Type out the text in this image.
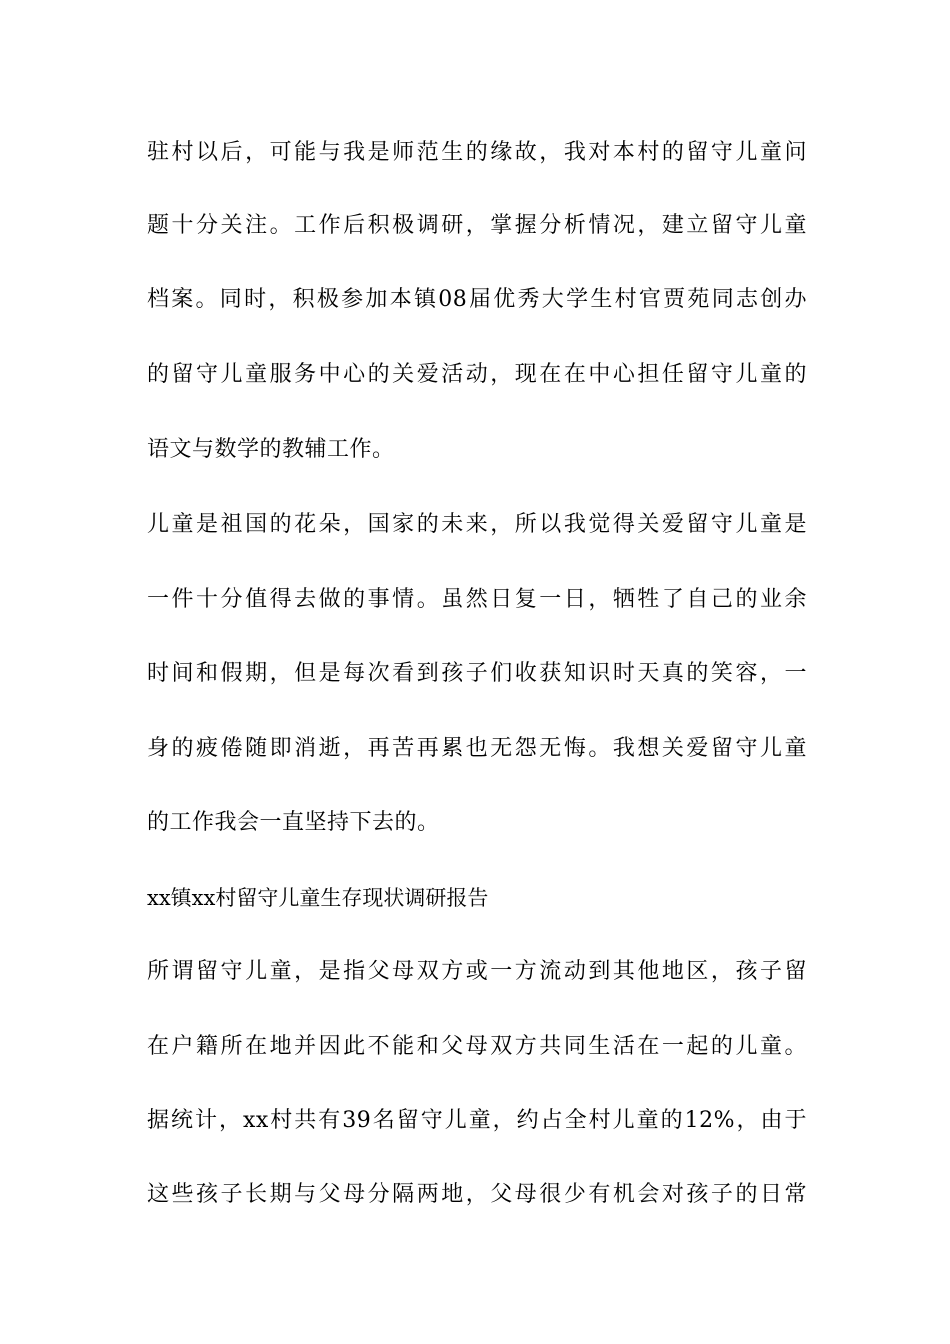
驻村以后，可能与我是师范生的缘故，我对本村的留守儿童问
题十分关注。工作后积极调研，掌握分析情况，建立留守儿童
档案。同时，积极参加本镇08届优秀大学生村官贾苑同志创办
的留守儿童服务中心的关爱活动，现在在中心担任留守儿童的
语文与数学的教辅工作。
儿童是祖国的花朵，国家的未来，所以我觉得关爱留守儿童是
一件十分值得去做的事情。虽然日复一日，牺牲了自己的业余
时间和假期，但是每次看到孩子们收获知识时天真的笑容，一
身的疲倦随即消逝，再苦再累也无怨无悔。我想关爱留守儿童
的工作我会一直坚持下去的。
xx镇xx村留守儿童生存现状调研报告
所谓留守儿童，是指父母双方或一方流动到其他地区，孩子留
在户籍所在地并因此不能和父母双方共同生活在一起的儿童。
据统计，xx村共有39名留守儿童，约占全村儿童的12%，由于
这些孩子长期与父母分隔两地，父母很少有机会对孩子的日常
